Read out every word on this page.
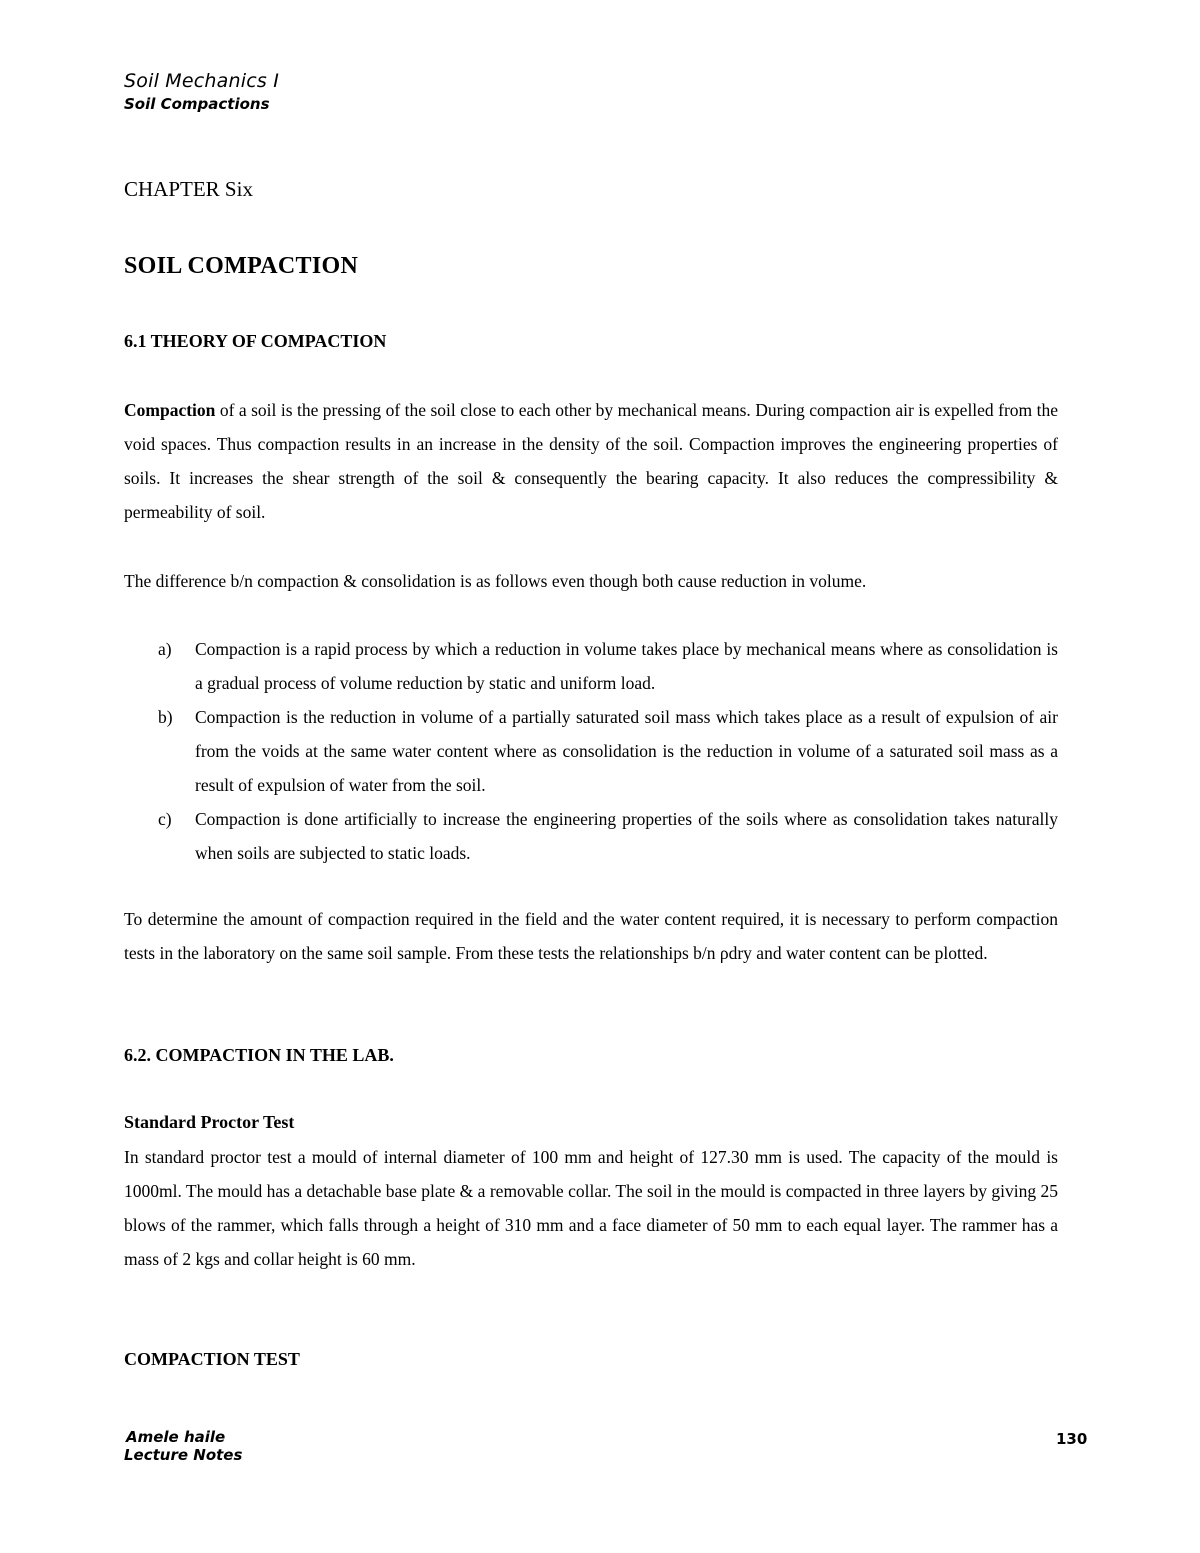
Soil Mechanics I
Soil Compactions
CHAPTER Six
SOIL COMPACTION
6.1 THEORY OF COMPACTION

Compaction of a soil is the pressing of the soil close to each other by mechanical means. During compaction air is expelled from the void spaces. Thus compaction results in an increase in the density of the soil. Compaction improves the engineering properties of soils. It increases the shear strength of the soil & consequently the bearing capacity. It also reduces the compressibility & permeability of soil.

The difference b/n compaction & consolidation is as follows even though both cause reduction in volume.

a) Compaction is a rapid process by which a reduction in volume takes place by mechanical means where as consolidation is a gradual process of volume reduction by static and uniform load.
b) Compaction is the reduction in volume of a partially saturated soil mass which takes place as a result of expulsion of air from the voids at the same water content where as consolidation is the reduction in volume of a saturated soil mass as a result of expulsion of water from the soil.
c) Compaction is done artificially to increase the engineering properties of the soils where as consolidation takes naturally when soils are subjected to static loads.

To determine the amount of compaction required in the field and the water content required, it is necessary to perform compaction tests in the laboratory on the same soil sample. From these tests the relationships b/n ρdry and water content can be plotted.

6.2. COMPACTION IN THE LAB.
Standard Proctor Test

In standard proctor test a mould of internal diameter of 100 mm and height of 127.30 mm is used. The capacity of the mould is 1000ml. The mould has a detachable base plate & a removable collar. The soil in the mould is compacted in three layers by giving 25 blows of the rammer, which falls through a height of 310 mm and a face diameter of 50 mm to each equal layer. The rammer has a mass of 2 kgs and collar height is 60 mm.

COMPACTION TEST
Amele haile
Lecture Notes
130
